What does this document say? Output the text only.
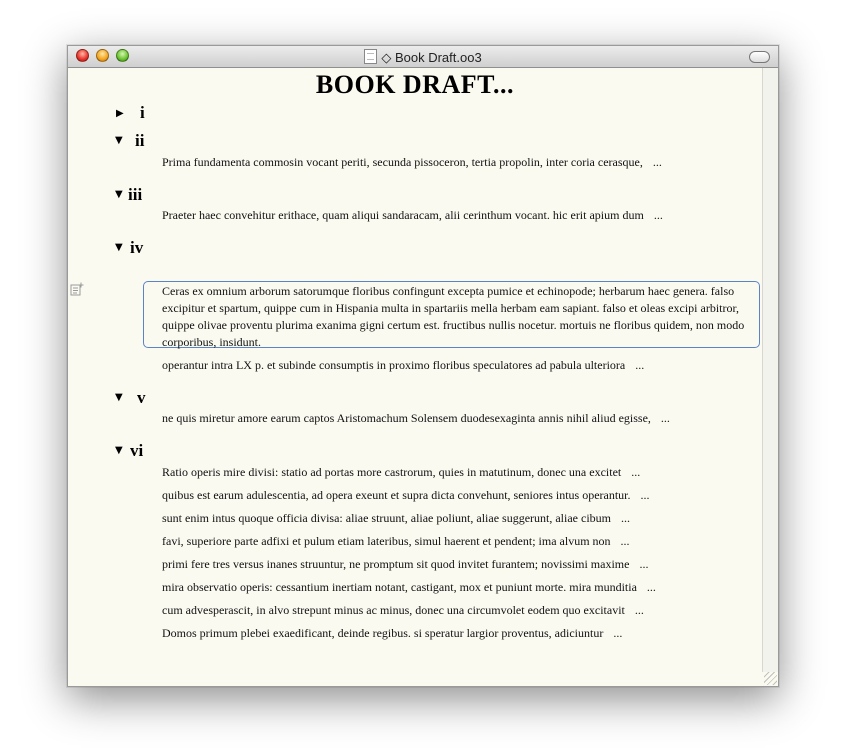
◇ Book Draft.oo3
BOOK DRAFT...
▶ i
▼ ii
Prima fundamenta commosin vocant periti, secunda pissoceron, tertia propolin, inter coria cerasque, ...
▼ iii
Praeter haec convehitur erithace, quam aliqui sandaracam, alii cerinthum vocant. hic erit apium dum ...
▼ iv
Ceras ex omnium arborum satorumque floribus confingunt excepta pumice et echinopode; herbarum haec genera. falso excipitur et spartum, quippe cum in Hispania multa in spartariis mella herbam eam sapiant. falso et oleas excipi arbitror, quippe olivae proventu plurima exanima gigni certum est. fructibus nullis nocetur. mortuis ne floribus quidem, non modo corporibus, insidunt.
operantur intra LX p. et subinde consumptis in proximo floribus speculatores ad pabula ulteriora ...
▼ v
ne quis miretur amore earum captos Aristomachum Solensem duodesexaginta annis nihil aliud egisse, ...
▼ vi
Ratio operis mire divisi: statio ad portas more castrorum, quies in matutinum, donec una excitet ...
quibus est earum adulescentia, ad opera exeunt et supra dicta convehunt, seniores intus operantur. ...
sunt enim intus quoque officia divisa: aliae struunt, aliae poliunt, aliae suggerunt, aliae cibum ...
favi, superiore parte adfixi et pulum etiam lateribus, simul haerent et pendent; ima alvum non ...
primi fere tres versus inanes struuntur, ne promptum sit quod invitet furantem; novissimi maxime ...
mira observatio operis: cessantium inertiam notant, castigant, mox et puniunt morte. mira munditia ...
cum advesperascit, in alvo strepunt minus ac minus, donec una circumvolet eodem quo excitavit ...
Domos primum plebei exaedificant, deinde regibus. si speratur largior proventus, adiciuntur ...
